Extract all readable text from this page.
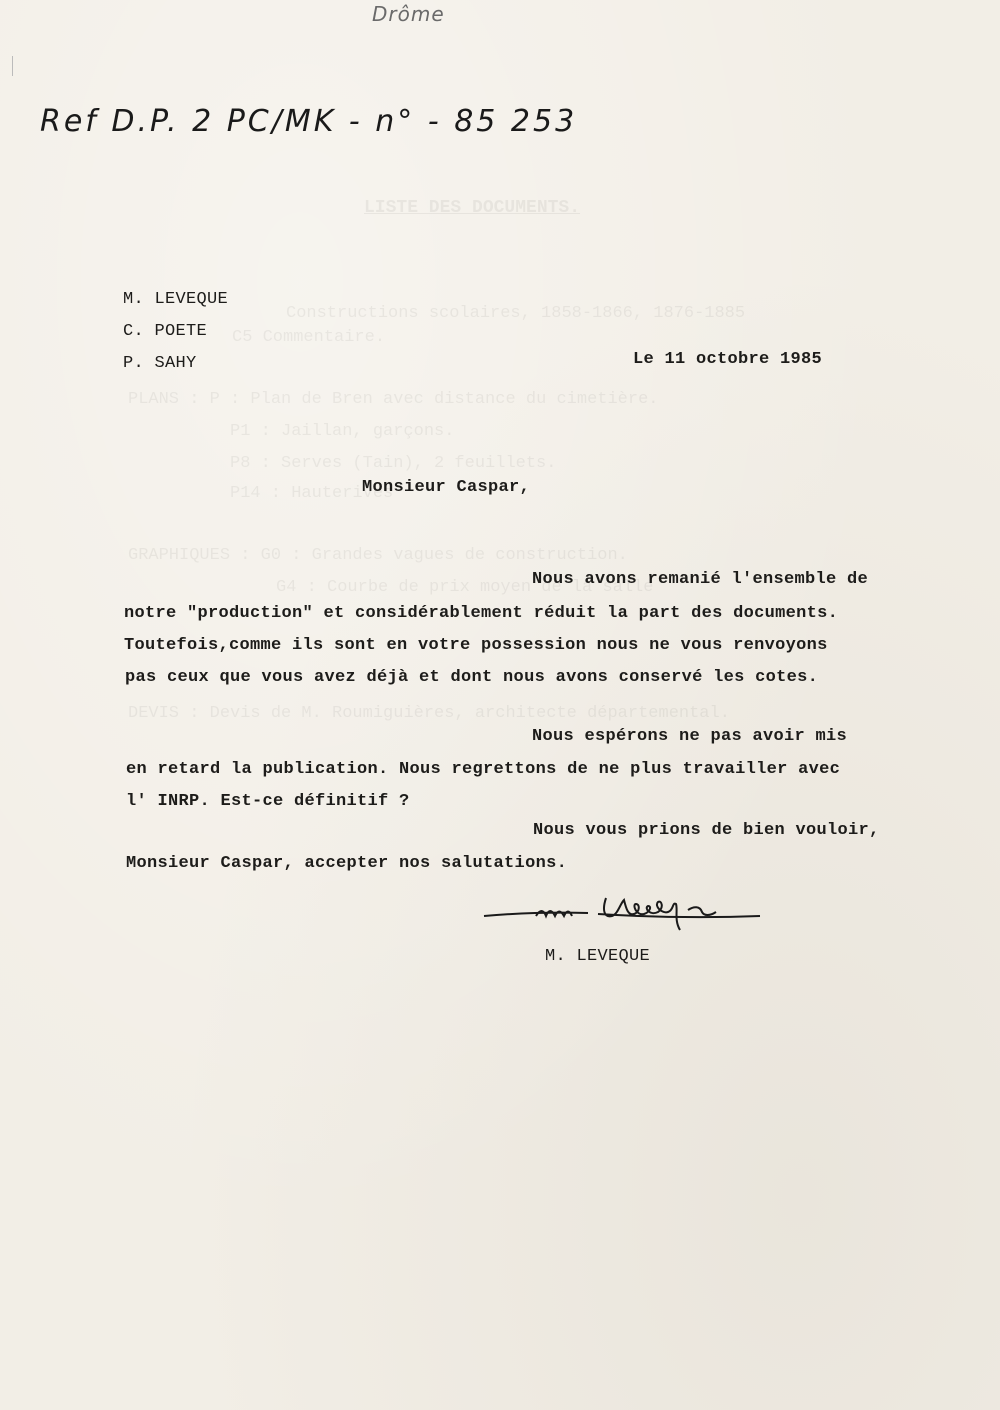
Drôme
Ref D.P. 2 PC/MK - n° - 85 253
LISTE DES DOCUMENTS.
Constructions scolaires, 1858-1866, 1876-1885
C5 Commentaire.
PLANS : P : Plan de Bren avec distance du cimetière.
P1 : Jaillan, garçons.
P8 : Serves (Tain), 2 feuillets.
P14 : Hauterives
GRAPHIQUES : G0 : Grandes vagues de construction.
G4 : Courbe de prix moyen de la salle
DEVIS : Devis de M. Roumiguières, architecte départemental.
M. LEVEQUE
C. POETE
P. SAHY	Le 11 octobre 1985
Monsieur Caspar,
Nous avons remanié l'ensemble de
notre "production" et considérablement réduit la part des documents.
Toutefois,comme ils sont en votre possession nous ne vous renvoyons
pas ceux que vous avez déjà et dont nous avons conservé les cotes.
Nous espérons ne pas avoir mis
en retard la publication. Nous regrettons de ne plus travailler avec
l' INRP. Est-ce définitif ?
Nous vous prions de bien vouloir,
Monsieur Caspar, accepter nos salutations.
M. LEVEQUE
